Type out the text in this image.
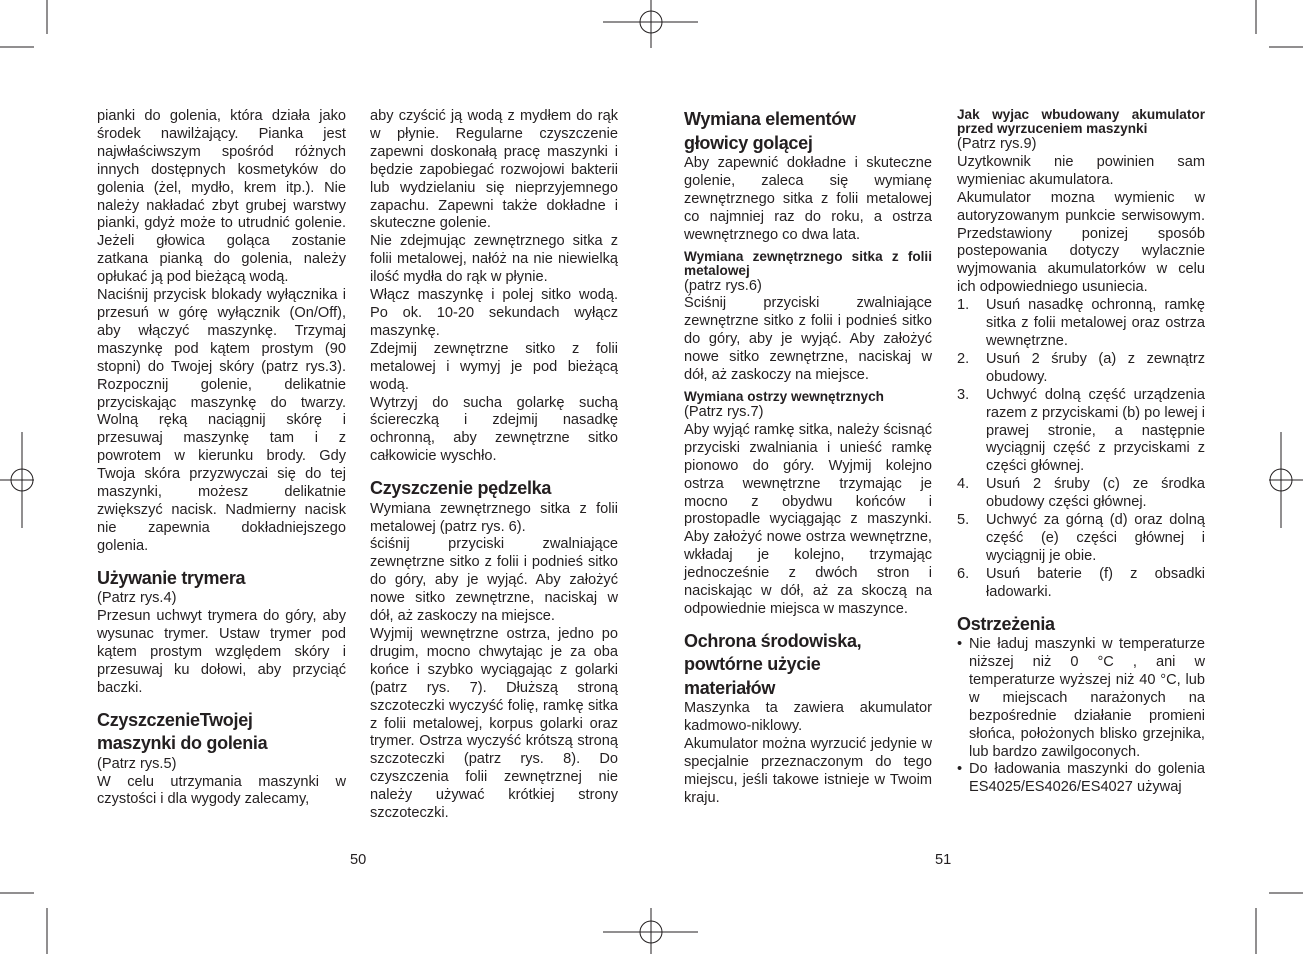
pianki do golenia, która działa jako środek nawilżający. Pianka jest najwłaściwszym spośród różnych innych dostępnych kosmetyków do golenia (żel, mydło, krem itp.). Nie należy nakładać zbyt grubej warstwy pianki, gdyż może to utrudnić golenie. Jeżeli głowica goląca zostanie zatkana pianką do golenia, należy opłukać ją pod bieżącą wodą.

Naciśnij przycisk blokady wyłącznika i przesuń w górę wyłącznik (On/Off), aby włączyć maszynkę. Trzymaj maszynkę pod kątem prostym (90 stopni) do Twojej skóry (patrz rys.3). Rozpocznij golenie, delikatnie przyciskając maszynkę do twarzy. Wolną ręką naciągnij skórę i przesuwaj maszynkę tam i z powrotem w kierunku brody. Gdy Twoja skóra przyzwyczai się do tej maszynki, możesz delikatnie zwiększyć nacisk. Nadmierny nacisk nie zapewnia dokładniejszego golenia.

Używanie trymera

(Patrz rys.4)

Przesun uchwyt trymera do góry, aby wysunac trymer. Ustaw trymer pod kątem prostym względem skóry i przesuwaj ku dołowi, aby przyciąć baczki.

CzyszczenieTwojej

maszynki do golenia

(Patrz rys.5)

W celu utrzymania maszynki w czystości i dla wygody zalecamy,

aby czyścić ją wodą z mydłem do rąk w płynie. Regularne czyszczenie zapewni doskonałą pracę maszynki i będzie zapobiegać rozwojowi bakterii lub wydzielaniu się nieprzyjemnego zapachu. Zapewni także dokładne i skuteczne golenie.

Nie zdejmując zewnętrznego sitka z folii metalowej, nałóż na nie niewielką ilość mydła do rąk w płynie.

Włącz maszynkę i polej sitko wodą. Po ok. 10-20 sekundach wyłącz maszynkę.

Zdejmij zewnętrzne sitko z folii metalowej i wymyj je pod bieżącą wodą.

Wytrzyj do sucha golarkę suchą ściereczką i zdejmij nasadkę ochronną, aby zewnętrzne sitko całkowicie wyschło.

Czyszczenie pędzelka

Wymiana zewnętrznego sitka z folii metalowej (patrz rys. 6).

ściśnij przyciski zwalniające zewnętrzne sitko z folii i podnieś sitko do góry, aby je wyjąć. Aby założyć nowe sitko zewnętrzne, naciskaj w dół, aż zaskoczy na miejsce.

Wyjmij wewnętrzne ostrza, jedno po drugim, mocno chwytając je za oba końce i szybko wyciągając z golarki (patrz rys. 7). Dłuższą stroną szczoteczki wyczyść folię, ramkę sitka z folii metalowej, korpus golarki oraz trymer. Ostrza wyczyść krótszą stroną szczoteczki (patrz rys. 8). Do czyszczenia folii zewnętrznej nie należy używać krótkiej strony szczoteczki.

50

Wymiana elementów

głowicy golącej

Aby zapewnić dokładne i skuteczne golenie, zaleca się wymianę zewnętrznego sitka z folii metalowej co najmniej raz do roku, a ostrza wewnętrznego co dwa lata.

Wymiana zewnętrznego sitka z folii metalowej

(patrz rys.6)

Ściśnij przyciski zwalniające zewnętrzne sitko z folii i podnieś sitko do góry, aby je wyjąć. Aby założyć nowe sitko zewnętrzne, naciskaj w dół, aż zaskoczy na miejsce.

Wymiana ostrzy wewnętrznych

(Patrz rys.7)

Aby wyjąć ramkę sitka, należy ścisnąć przyciski zwalniania i unieść ramkę pionowo do góry. Wyjmij kolejno ostrza wewnętrzne trzymając je mocno z obydwu końców i prostopadle wyciągając z maszynki. Aby założyć nowe ostrza wewnętrzne, wkładaj je kolejno, trzymając jednocześnie z dwóch stron i naciskając w dół, aż za skoczą na odpowiednie miejsca w maszynce.

Ochrona środowiska,

powtórne użycie

materiałów

Maszynka ta zawiera akumulator kadmowo-niklowy.

Akumulator można wyrzucić jedynie w specjalnie przeznaczonym do tego miejscu, jeśli takowe istnieje w Twoim kraju.

Jak wyjac wbudowany akumulator przed wyrzuceniem maszynki

(Patrz rys.9)

Uzytkownik nie powinien sam wymieniac akumulatora.

Akumulator mozna wymienic w autoryzowanym punkcie serwisowym. Przedstawiony ponizej sposób postepowania dotyczy wylacznie wyjmowania akumulatorków w celu ich odpowiedniego usuniecia.

1. Usuń nasadkę ochronną, ramkę sitka z folii metalowej oraz ostrza wewnętrzne.
2. Usuń 2 śruby (a) z zewnątrz obudowy.
3. Uchwyć dolną część urządzenia razem z przyciskami (b) po lewej i prawej stronie, a następnie wyciągnij część z przyciskami z części głównej.
4. Usuń 2 śruby (c) ze środka obudowy części głównej.
5. Uchwyć za górną (d) oraz dolną część (e) części głównej i wyciągnij je obie.
6. Usuń baterie (f) z obsadki ładowarki.

Ostrzeżenia

• Nie ładuj maszynki w temperaturze niższej niż 0 °C , ani w temperaturze wyższej niż 40 °C, lub w miejscach narażonych na bezpośrednie działanie promieni słońca, położonych blisko grzejnika, lub bardzo zawilgoconych.
• Do ładowania maszynki do golenia ES4025/ES4026/ES4027 używaj
51
